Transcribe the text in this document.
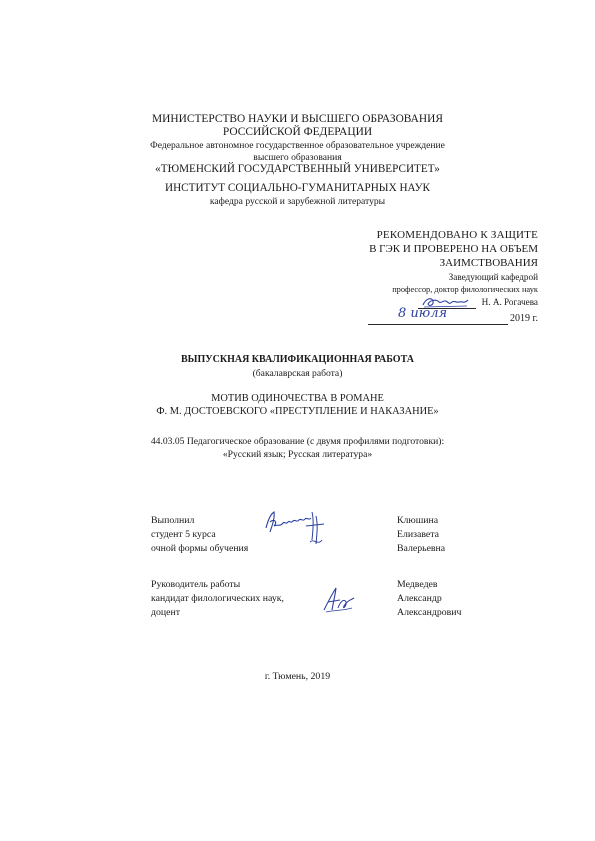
МИНИСТЕРСТВО НАУКИ И ВЫСШЕГО ОБРАЗОВАНИЯ
РОССИЙСКОЙ ФЕДЕРАЦИИ
Федеральное автономное государственное образовательное учреждение
высшего образования
«ТЮМЕНСКИЙ ГОСУДАРСТВЕННЫЙ УНИВЕРСИТЕТ»
ИНСТИТУТ СОЦИАЛЬНО-ГУМАНИТАРНЫХ НАУК
кафедра русской и зарубежной литературы
РЕКОМЕНДОВАНО К ЗАЩИТЕ
В ГЭК И ПРОВЕРЕНО НА ОБЪЕМ
ЗАИМСТВОВАНИЯ
Заведующий кафедрой
профессор, доктор филологических наук
Н. А. Рогачева
8 июля	2019 г.
ВЫПУСКНАЯ КВАЛИФИКАЦИОННАЯ РАБОТА
(бакалаврская работа)
МОТИВ ОДИНОЧЕСТВА В РОМАНЕ
Ф. М. ДОСТОЕВСКОГО «ПРЕСТУПЛЕНИЕ И НАКАЗАНИЕ»
44.03.05 Педагогическое образование (с двумя профилями подготовки):
«Русский язык; Русская литература»
Выполнил
студент 5 курса
очной формы обучения
Клюшина
Елизавета
Валерьевна
Руководитель работы
кандидат филологических наук,
доцент
Медведев
Александр
Александрович
г. Тюмень, 2019
